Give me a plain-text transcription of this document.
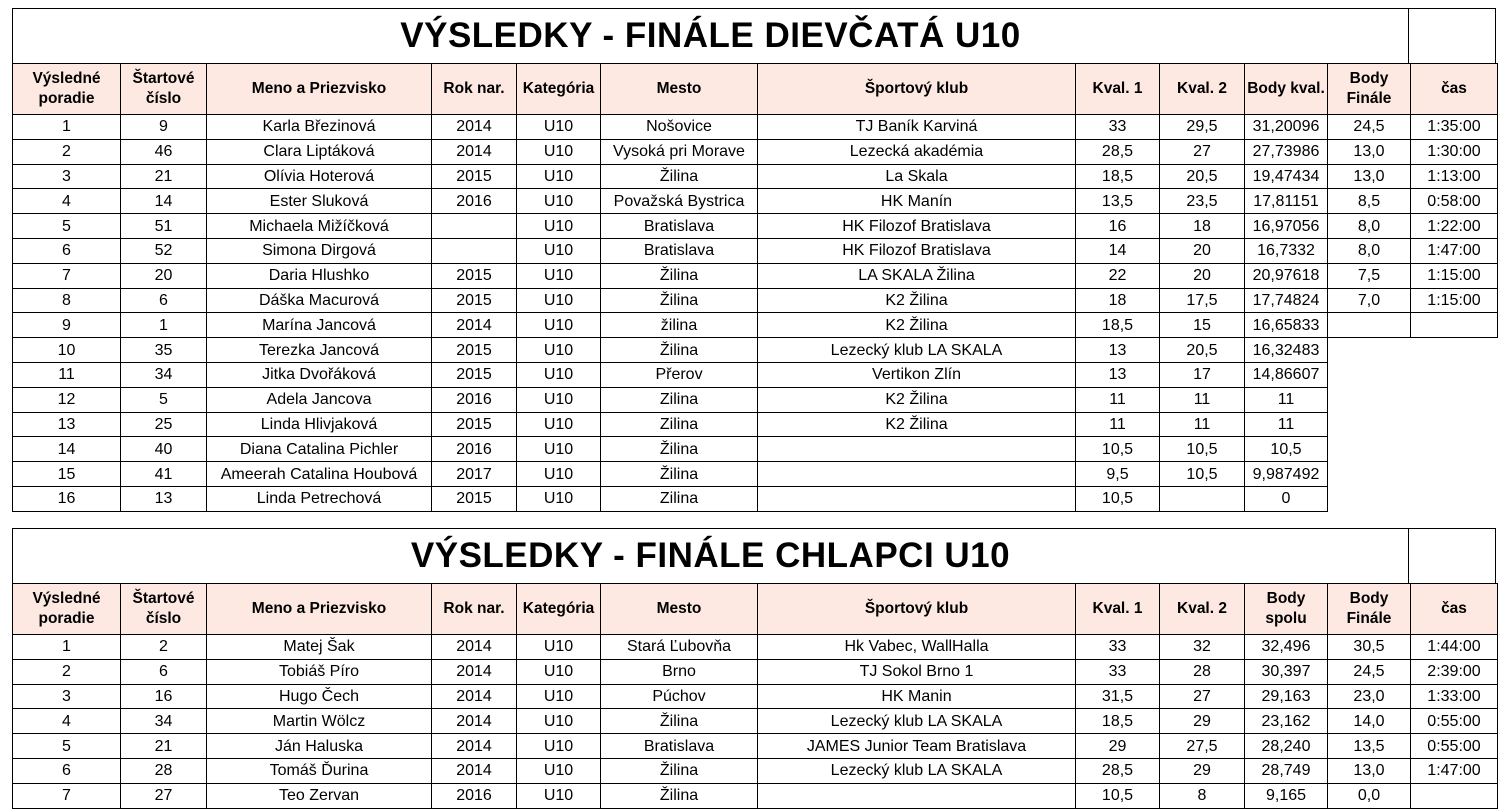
VÝSLEDKY - FINÁLE DIEVČATÁ U10
Výsledné poradie	Štartové číslo	Meno a Priezvisko	Rok nar.	Kategória	Mesto	Športový klub	Kval. 1	Kval. 2	Body kval.	Body Finále	čas
1	9	Karla Březinová	2014	U10	Nošovice	TJ Baník Karviná	33	29,5	31,20096	24,5	1:35:00
2	46	Clara Liptáková	2014	U10	Vysoká pri Morave	Lezecká akadémia	28,5	27	27,73986	13,0	1:30:00
3	21	Olívia Hoterová	2015	U10	Žilina	La Skala	18,5	20,5	19,47434	13,0	1:13:00
4	14	Ester Sluková	2016	U10	Považská Bystrica	HK Manín	13,5	23,5	17,81151	8,5	0:58:00
5	51	Michaela Mižíčková		U10	Bratislava	HK Filozof Bratislava	16	18	16,97056	8,0	1:22:00
6	52	Simona Dirgová		U10	Bratislava	HK Filozof Bratislava	14	20	16,7332	8,0	1:47:00
7	20	Daria Hlushko	2015	U10	Žilina	LA SKALA Žilina	22	20	20,97618	7,5	1:15:00
8	6	Dáška Macurová	2015	U10	Žilina	K2 Žilina	18	17,5	17,74824	7,0	1:15:00
9	1	Marína Jancová	2014	U10	žilina	K2 Žilina	18,5	15	16,65833		
10	35	Terezka Jancová	2015	U10	Žilina	Lezecký klub LA SKALA	13	20,5	16,32483		
11	34	Jitka Dvořáková	2015	U10	Přerov	Vertikon Zlín	13	17	14,86607		
12	5	Adela Jancova	2016	U10	Zilina	K2 Žilina	11	11	11		
13	25	Linda Hlivjaková	2015	U10	Zilina	K2 Žilina	11	11	11		
14	40	Diana Catalina Pichler	2016	U10	Žilina		10,5	10,5	10,5		
15	41	Ameerah Catalina Houbová	2017	U10	Žilina		9,5	10,5	9,987492		
16	13	Linda Petrechová	2015	U10	Zilina		10,5		0		
VÝSLEDKY - FINÁLE CHLAPCI U10
Výsledné poradie	Štartové číslo	Meno a Priezvisko	Rok nar.	Kategória	Mesto	Športový klub	Kval. 1	Kval. 2	Body spolu	Body Finále	čas
1	2	Matej Šak	2014	U10	Stará Ľubovňa	Hk Vabec, WallHalla	33	32	32,496	30,5	1:44:00
2	6	Tobiáš Píro	2014	U10	Brno	TJ Sokol Brno 1	33	28	30,397	24,5	2:39:00
3	16	Hugo Čech	2014	U10	Púchov	HK Manin	31,5	27	29,163	23,0	1:33:00
4	34	Martin Wölcz	2014	U10	Žilina	Lezecký klub LA SKALA	18,5	29	23,162	14,0	0:55:00
5	21	Ján Haluska	2014	U10	Bratislava	JAMES Junior Team Bratislava	29	27,5	28,240	13,5	0:55:00
6	28	Tomáš Ďurina	2014	U10	Žilina	Lezecký klub LA SKALA	28,5	29	28,749	13,0	1:47:00
7	27	Teo Zervan	2016	U10	Žilina		10,5	8	9,165	0,0	
